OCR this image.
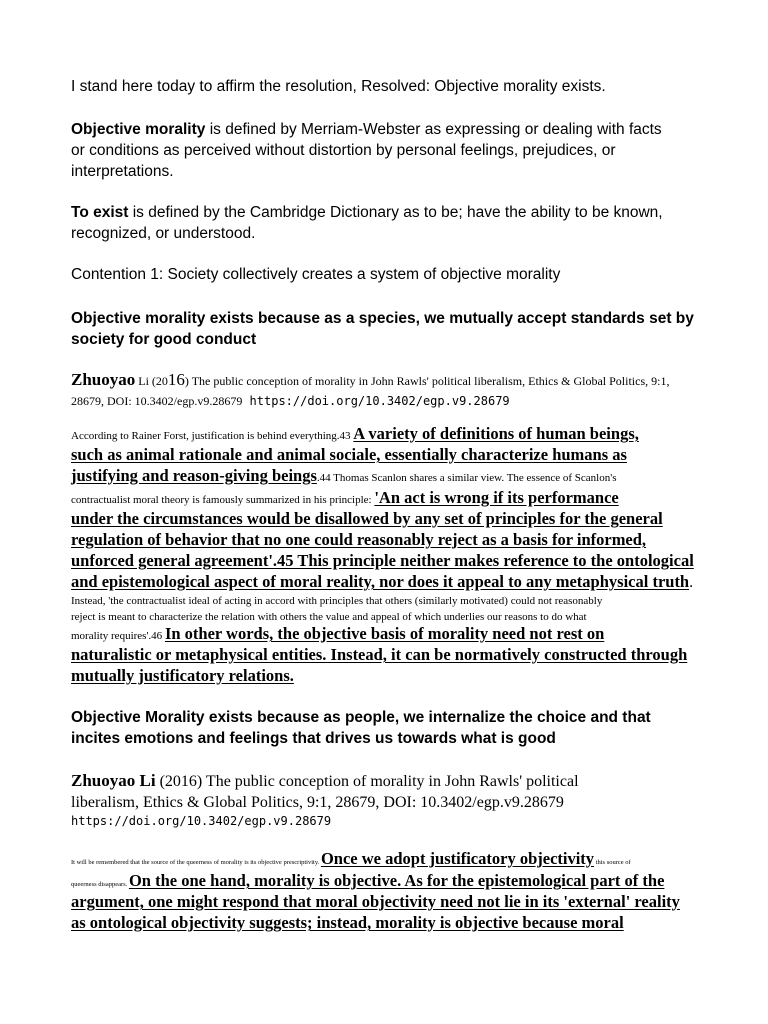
I stand here today to affirm the resolution, Resolved: Objective morality exists.

Objective morality is defined by Merriam-Webster as expressing or dealing with facts
or conditions as perceived without distortion by personal feelings, prejudices, or
interpretations.
To exist is defined by the Cambridge Dictionary as to be; have the ability to be known,
recognized, or understood.

Contention 1: Society collectively creates a system of objective morality

Objective morality exists because as a species, we mutually accept standards set by
society for good conduct
Zhuoyao Li (2016) The public conception of morality in John Rawls' political liberalism, Ethics & Global Politics, 9:1,
28679, DOI: 10.3402/egp.v9.28679 https://doi.org/10.3402/egp.v9.28679
According to Rainer Forst, justification is behind everything.43 A variety of definitions of human beings,
such as animal rationale and animal sociale, essentially characterize humans as
justifying and reason-giving beings.44 Thomas Scanlon shares a similar view. The essence of Scanlon's
contractualist moral theory is famously summarized in his principle: 'An act is wrong if its performance
under the circumstances would be disallowed by any set of principles for the general
regulation of behavior that no one could reasonably reject as a basis for informed,
unforced general agreement'.45 This principle neither makes reference to the ontological
and epistemological aspect of moral reality, nor does it appeal to any metaphysical truth.
Instead, 'the contractualist ideal of acting in accord with principles that others (similarly motivated) could not reasonably
reject is meant to characterize the relation with others the value and appeal of which underlies our reasons to do what
morality requires'.46 In other words, the objective basis of morality need not rest on
naturalistic or metaphysical entities. Instead, it can be normatively constructed through
mutually justificatory relations.
Objective Morality exists because as people, we internalize the choice and that
incites emotions and feelings that drives us towards what is good
Zhuoyao Li (2016) The public conception of morality in John Rawls' political
liberalism, Ethics & Global Politics, 9:1, 28679, DOI: 10.3402/egp.v9.28679
https://doi.org/10.3402/egp.v9.28679
It will be remembered that the source of the queerness of morality is its objective prescriptivity. Once we adopt justificatory objectivity this source of
queerness disappears. On the one hand, morality is objective. As for the epistemological part of the
argument, one might respond that moral objectivity need not lie in its 'external' reality
as ontological objectivity suggests; instead, morality is objective because moral
